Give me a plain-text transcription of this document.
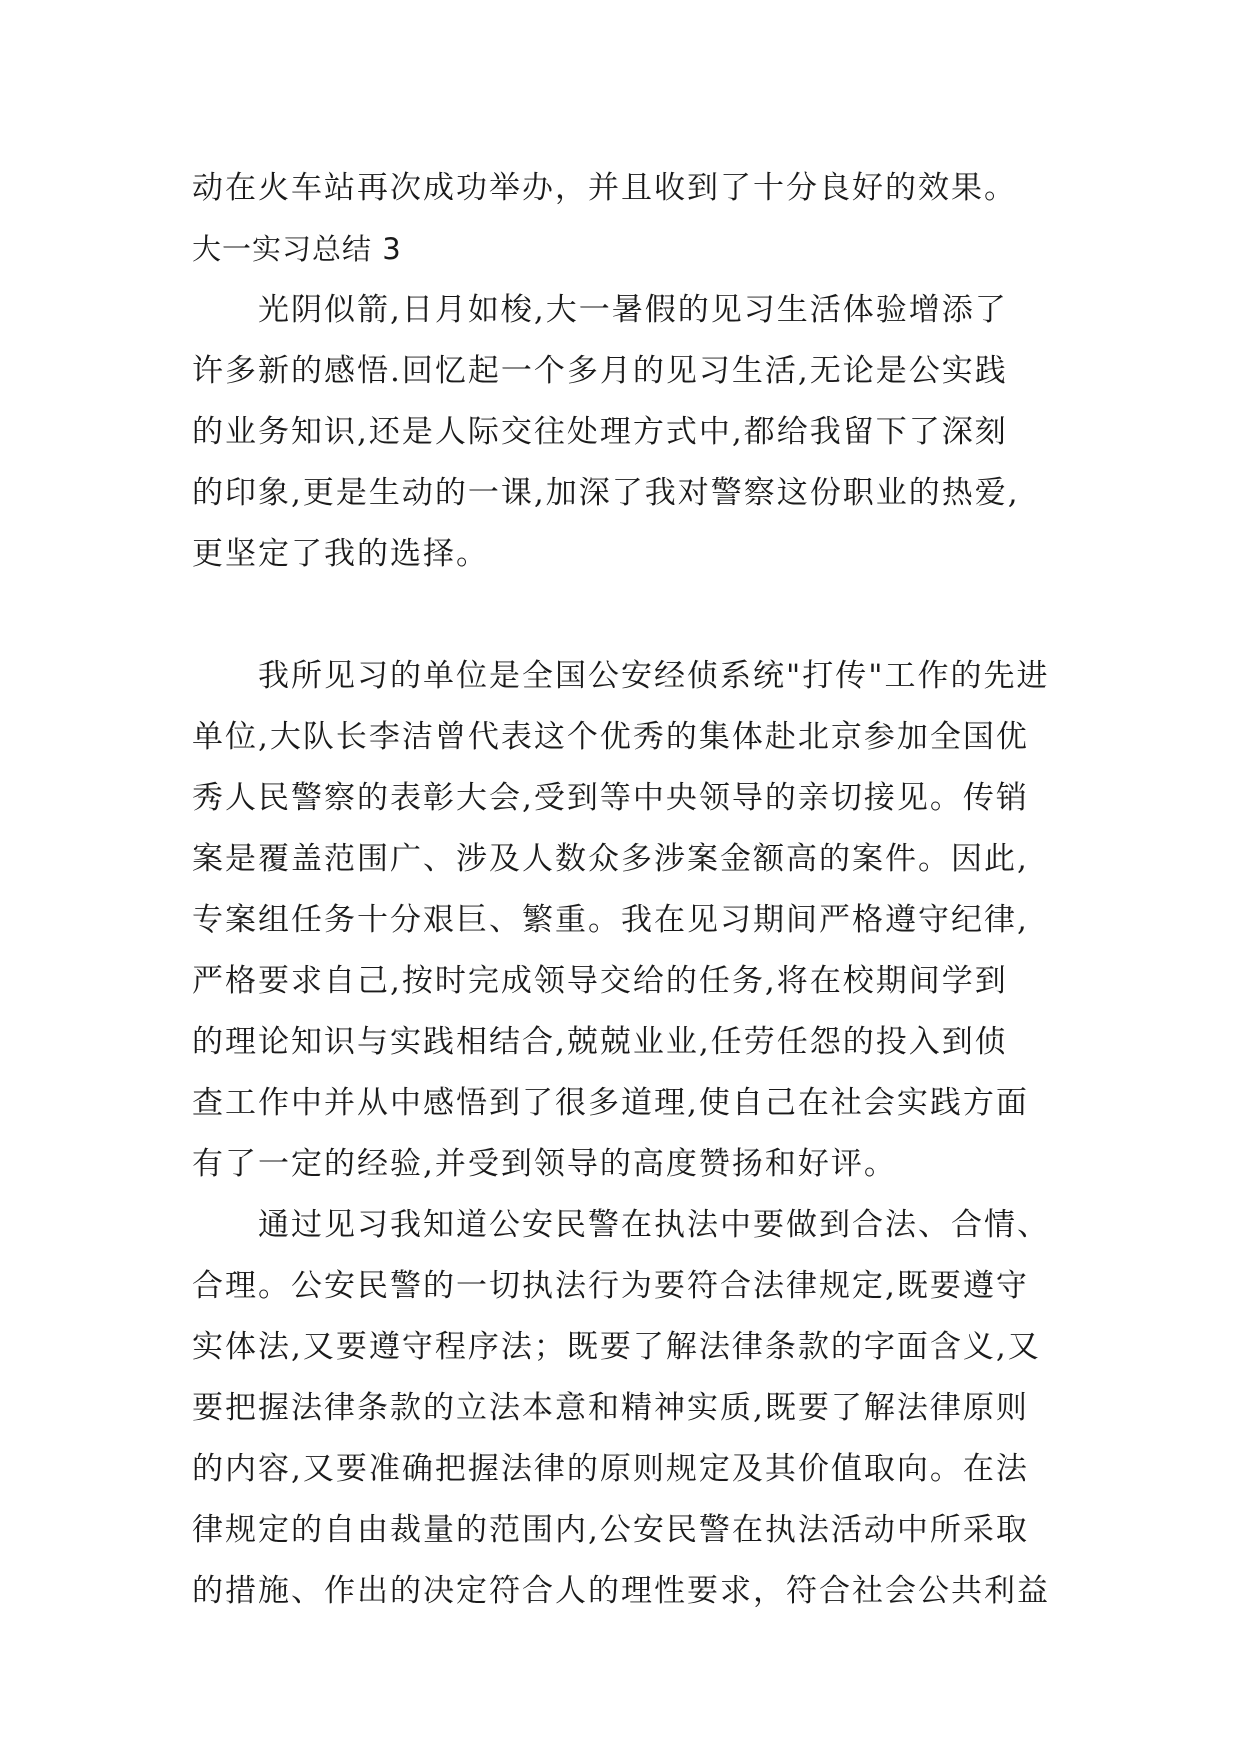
动在火车站再次成功举办，并且收到了十分良好的效果。
大一实习总结 3
　　光阴似箭,日月如梭,大一暑假的见习生活体验增添了
许多新的感悟.回忆起一个多月的见习生活,无论是公实践
的业务知识,还是人际交往处理方式中,都给我留下了深刻
的印象,更是生动的一课,加深了我对警察这份职业的热爱,
更坚定了我的选择。
　　我所见习的单位是全国公安经侦系统"打传"工作的先进
单位,大队长李洁曾代表这个优秀的集体赴北京参加全国优
秀人民警察的表彰大会,受到等中央领导的亲切接见。传销
案是覆盖范围广、涉及人数众多涉案金额高的案件。因此,
专案组任务十分艰巨、繁重。我在见习期间严格遵守纪律,
严格要求自己,按时完成领导交给的任务,将在校期间学到
的理论知识与实践相结合,兢兢业业,任劳任怨的投入到侦
查工作中并从中感悟到了很多道理,使自己在社会实践方面
有了一定的经验,并受到领导的高度赞扬和好评。
　　通过见习我知道公安民警在执法中要做到合法、合情、
合理。公安民警的一切执法行为要符合法律规定,既要遵守
实体法,又要遵守程序法；既要了解法律条款的字面含义,又
要把握法律条款的立法本意和精神实质,既要了解法律原则
的内容,又要准确把握法律的原则规定及其价值取向。在法
律规定的自由裁量的范围内,公安民警在执法活动中所采取
的措施、作出的决定符合人的理性要求，符合社会公共利益
